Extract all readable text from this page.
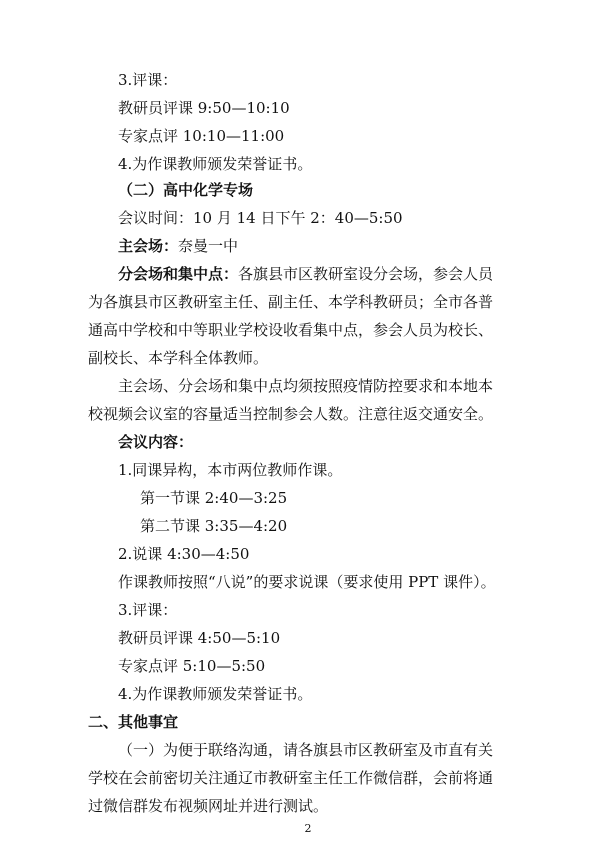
3.评课：
教研员评课 9:50—10:10
专家点评 10:10—11:00
4.为作课教师颁发荣誉证书。
（二）高中化学专场
会议时间：10 月 14 日下午 2：40—5:50
主会场：奈曼一中
分会场和集中点：各旗县市区教研室设分会场，参会人员
为各旗县市区教研室主任、副主任、本学科教研员；全市各普
通高中学校和中等职业学校设收看集中点，参会人员为校长、
副校长、本学科全体教师。
主会场、分会场和集中点均须按照疫情防控要求和本地本
校视频会议室的容量适当控制参会人数。注意往返交通安全。
会议内容：
1.同课异构，本市两位教师作课。
第一节课 2:40—3:25
第二节课 3:35—4:20
2.说课 4:30—4:50
作课教师按照“八说”的要求说课（要求使用 PPT 课件）。
3.评课：
教研员评课 4:50—5:10
专家点评 5:10—5:50
4.为作课教师颁发荣誉证书。
二、其他事宜
（一）为便于联络沟通，请各旗县市区教研室及市直有关
学校在会前密切关注通辽市教研室主任工作微信群，会前将通
过微信群发布视频网址并进行测试。
2
